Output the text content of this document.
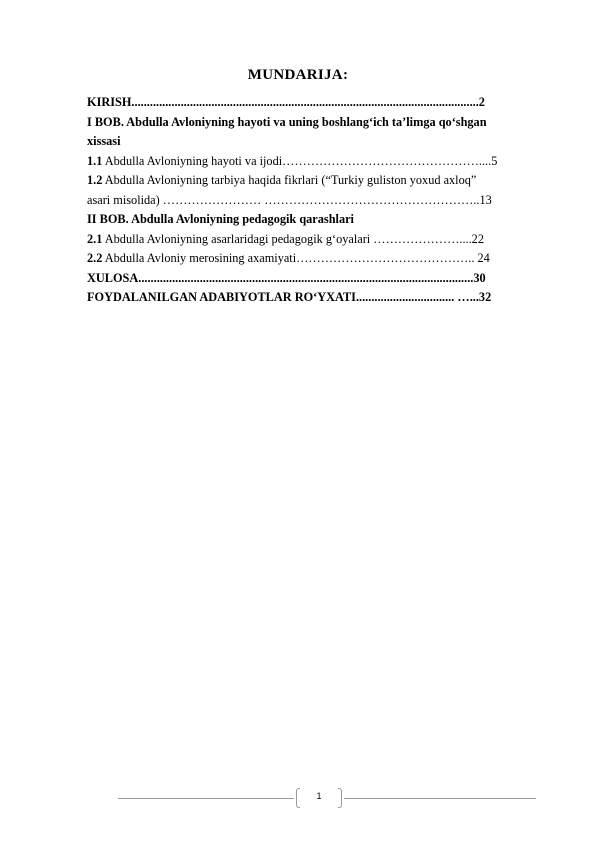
MUNDARIJA:
KIRISH.................................................................................................................2
I BOB. Abdulla Avloniyning hayoti va uning boshlang‘ich ta’limga qo‘shgan
xissasi
1.1 Abdulla Avloniyning hayoti va ijodi…………………………………………....5
1.2 Abdulla Avloniyning tarbiya haqida fikrlari (“Turkiy guliston yoxud axloq”
asari misolida) …………………… ……………………………………………..13
II BOB. Abdulla Avloniyning pedagogik qarashlari
2.1 Abdulla Avloniyning asarlaridagi pedagogik g‘oyalari …………………....22
2.2 Abdulla Avloniy merosining axamiyati…………………………………….. 24
XULOSA.............................................................................................................30
FOYDALANILGAN ADABIYOTLAR RO‘YXATI................................ …...32
1
